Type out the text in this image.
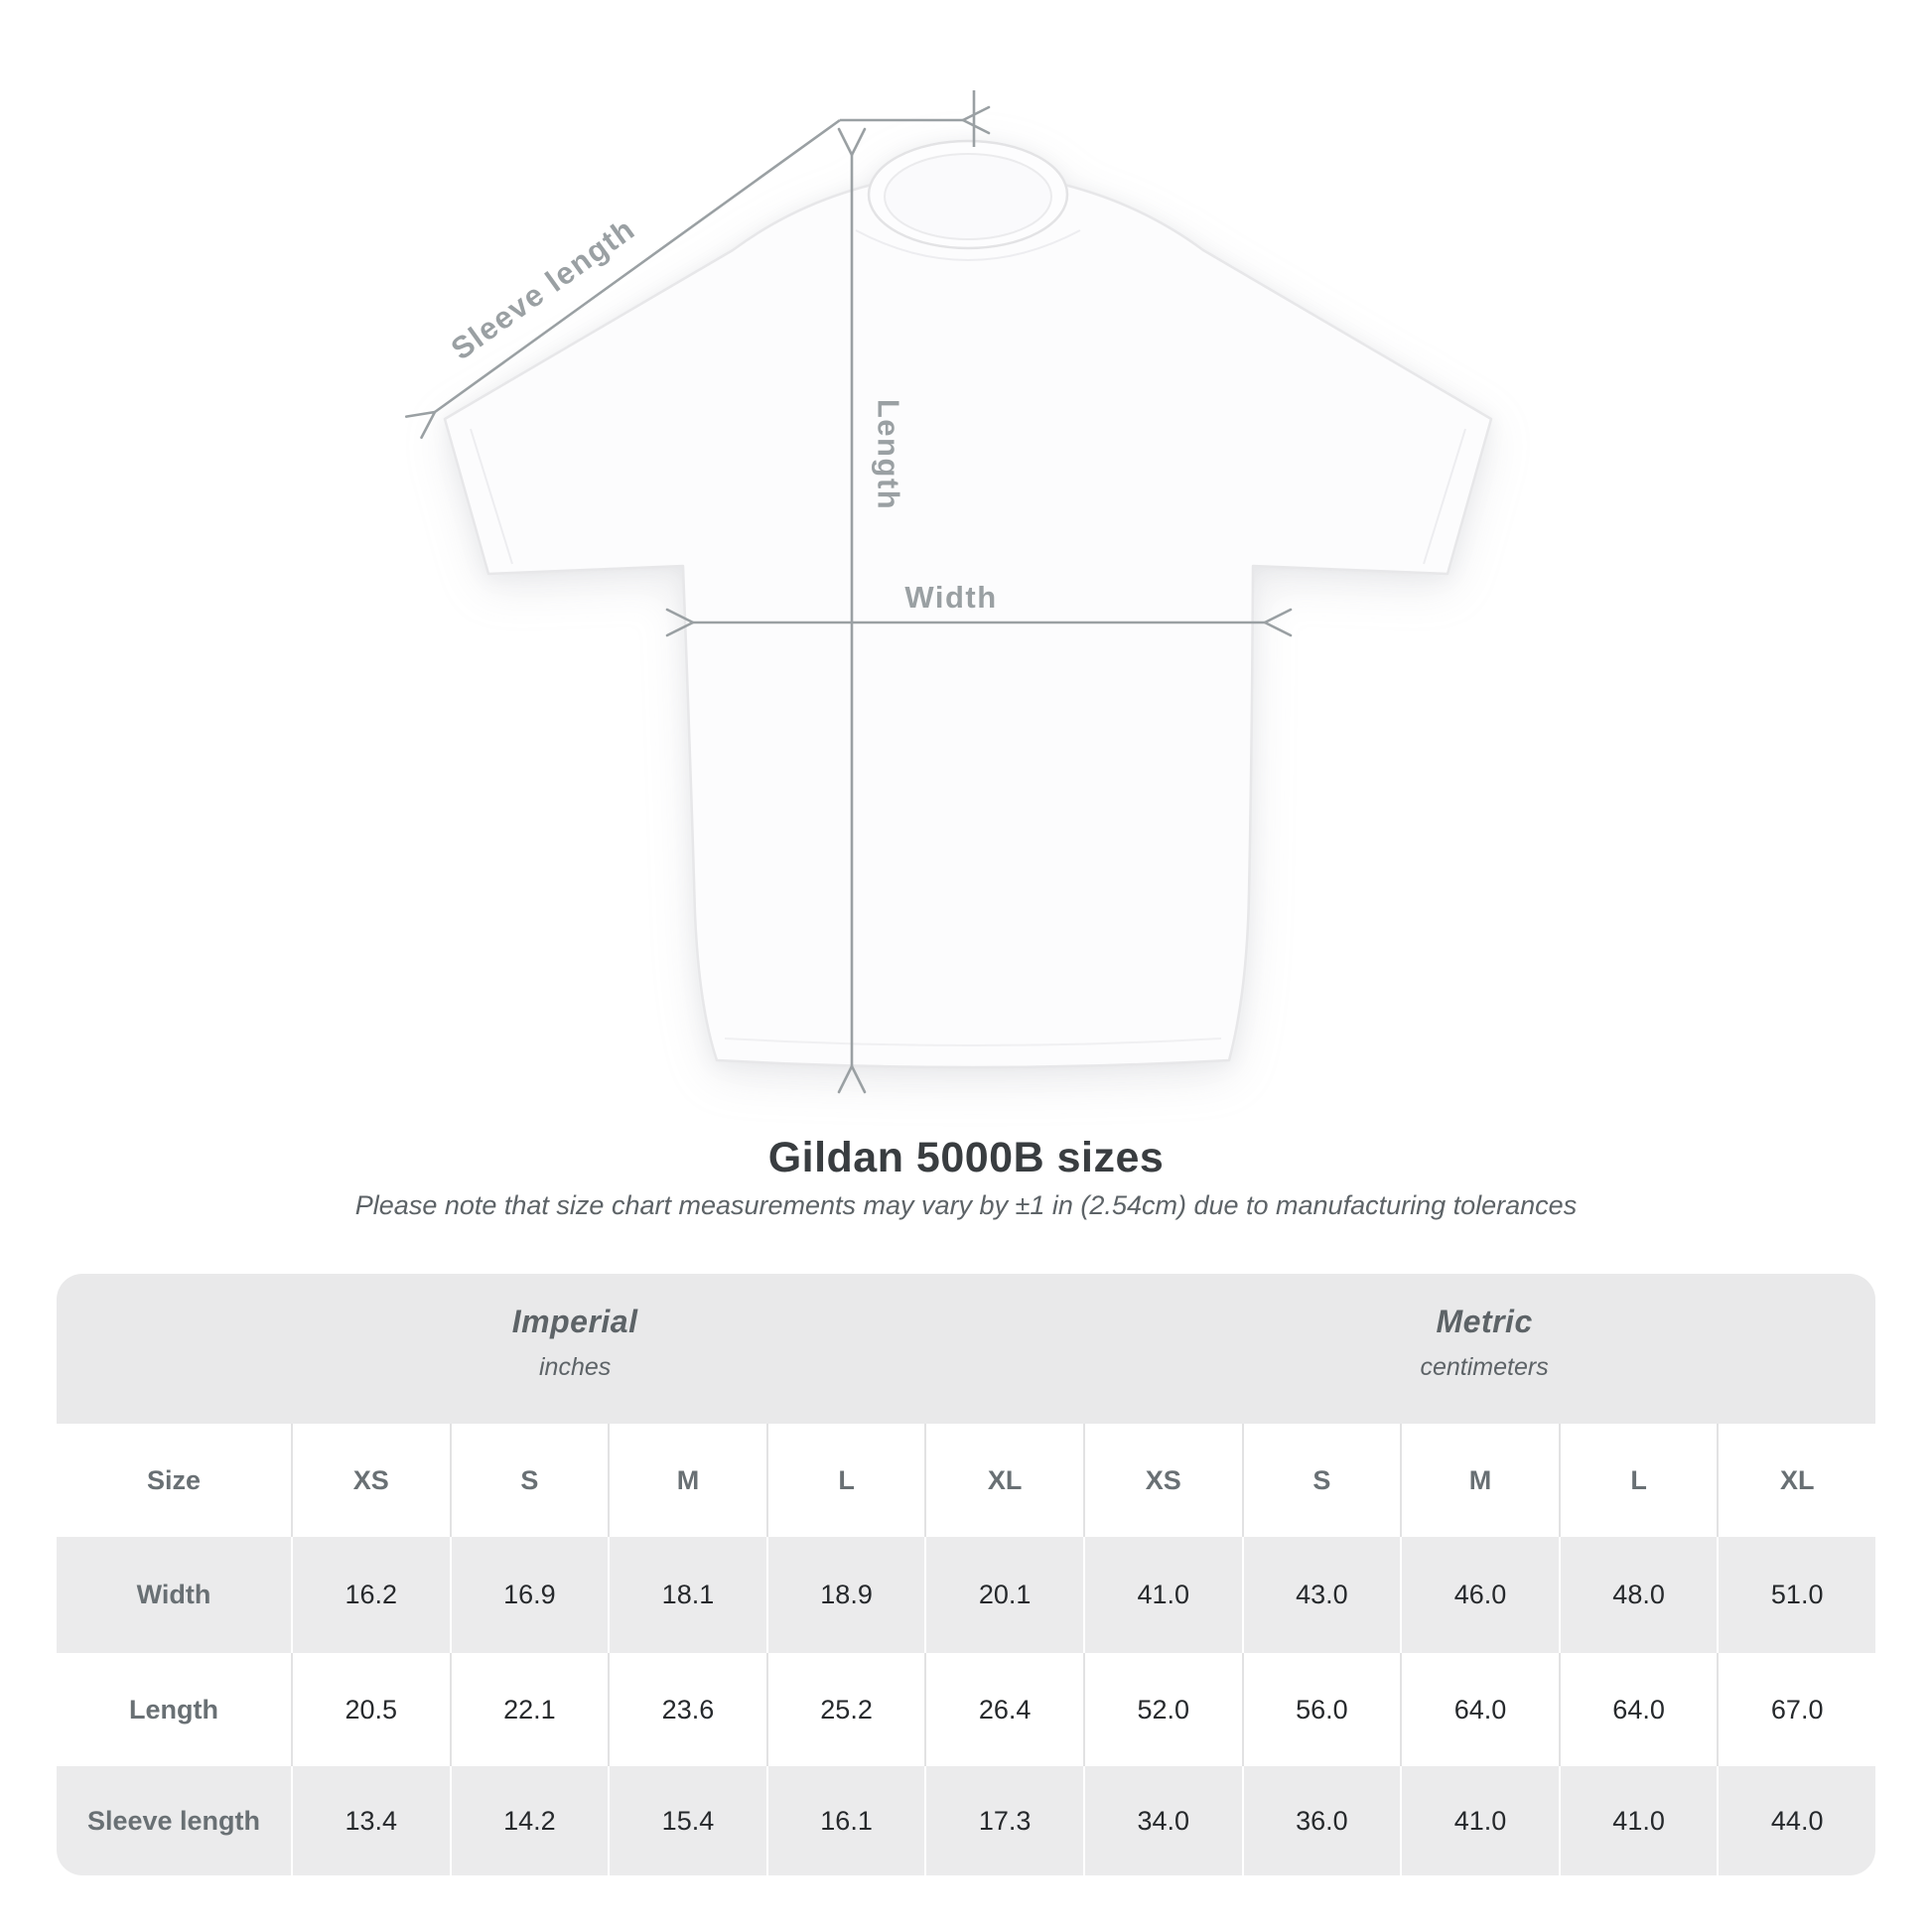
Sleeve length
Length
Width
Gildan 5000B sizes
Please note that size chart measurements may vary by ±1 in (2.54cm) due to manufacturing tolerances
Imperial
inches
Metric
centimeters
Size	XS	S	M	L	XL	XS	S	M	L	XL
Width	16.2	16.9	18.1	18.9	20.1	41.0	43.0	46.0	48.0	51.0
Length	20.5	22.1	23.6	25.2	26.4	52.0	56.0	64.0	64.0	67.0
Sleeve length	13.4	14.2	15.4	16.1	17.3	34.0	36.0	41.0	41.0	44.0
